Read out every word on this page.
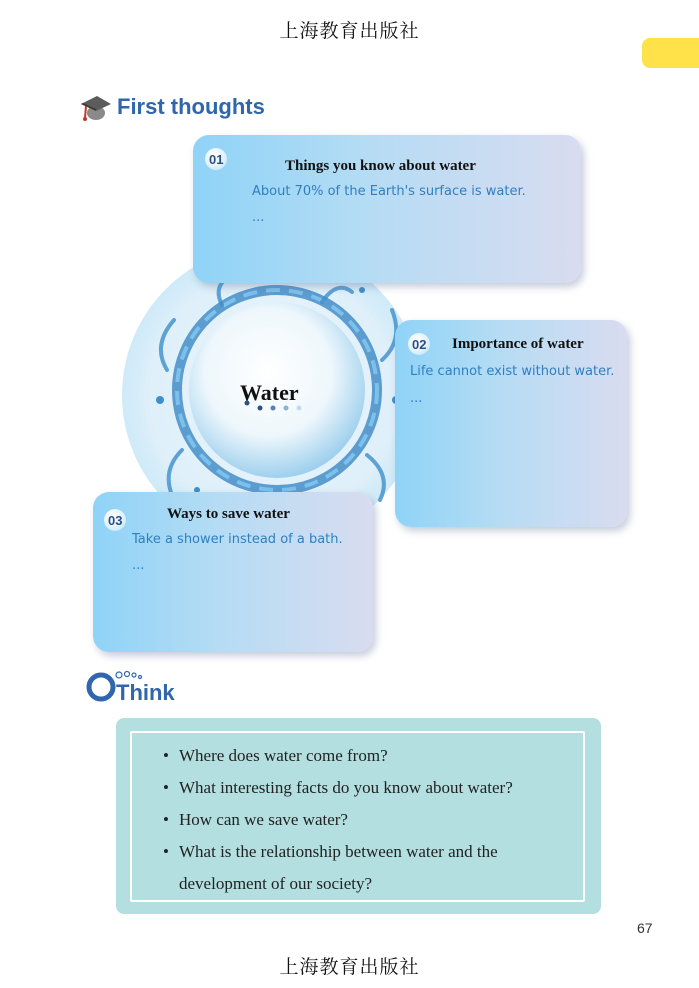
上海教育出版社
First thoughts
Water
01	Things you know about water
About 70% of the Earth's surface is water.
...
02 Importance of water
Life cannot exist without water.
...
03	Ways to save water
Take a shower instead of a bath.
...
Think
• Where does water come from?
• What interesting facts do you know about water?
• How can we save water?
• What is the relationship between water and the development of our society?
67
上海教育出版社
